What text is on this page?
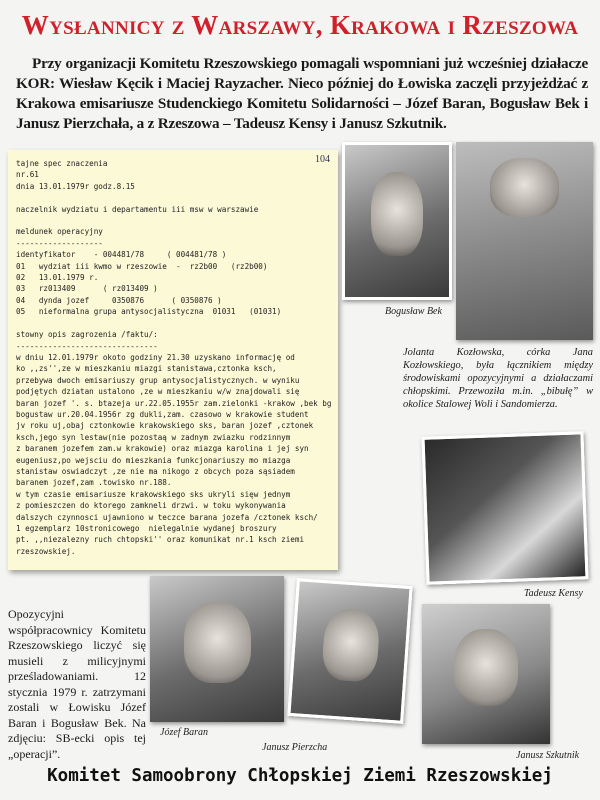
Wysłannicy z Warszawy, Krakowa i Rzeszowa
Przy organizacji Komitetu Rzeszowskiego pomagali wspomniani już wcześniej działacze KOR: Wiesław Kęcik i Maciej Rayzacher. Nieco później do Łowiska zaczęli przyjeżdżać z Krakowa emisariusze Studenckiego Komitetu Solidarności – Józef Baran, Bogusław Bek i Janusz Pierzchała, a z Rzeszowa – Tadeusz Kensy i Janusz Szkutnik.
104
tajne spec znaczenia
nr.61
dnia 13.01.1979r godz.8.15

naczelnik wydziatu i departamentu iii msw w warszawie

meldunek operacyjny
-------------------
identyfikator    - 004481/78     ( 004481/78 )
01   wydziat iii kwmo w rzeszowie  -  rz2b00   (rz2b00)
02   13.01.1979 r.
03   rz013409      ( rz013409 )
04   dynda jozef     0350876      ( 0350876 )
05   nieformalna grupa antysocjalistyczna  01031   (01031)

stowny opis zagrozenia /faktu/:
-------------------------------
w dniu 12.01.1979r okoto godziny 21.30 uzyskano informację od
ko ,,zs'',ze w mieszkaniu miazgi stanistawa,cztonka ksch,
przebywa dwoch emisariuszy grup antysocjalistycznych. w wyniku
podjętych dziatan ustalono ,ze w mieszkaniu w/w znajdowali się
baran jozef '. s. btazeja ur.22.05.1955r zam.zielonki -krakow ,bek bg
bogustaw ur.20.04.1956r zg dukli,zam. czasowo w krakowie student
jv roku uj,obaj cztonkowie krakowskiego sks, baran jozef ,cztonek
ksch,jego syn lestaw(nie pozostaą w zadnym zwiazku rodzinnym
z baranem jozefem zam.w krakowie) oraz miazga karolina i jej syn
eugeniusz,po wejsciu do mieszkania funkcjonariuszy mo miazga
stanistaw oswiadczyt ,ze nie ma nikogo z obcych poza sąsiadem
baranem jozef,zam .towisko nr.188.
w tym czasie emisariusze krakowskiego sks ukryli sięw jednym
z pomieszczen do ktorego zamkneli drzwi. w toku wykonywania
dalszych czynnosci ujawniono w teczce barana jozefa /cztonek ksch/
1 egzemplarz 10stronicowego  nielegalnie wydanej broszury
pt. ,,niezalezny ruch chtopski'' oraz komunikat nr.1 ksch ziemi
rzeszowskiej.
Bogusław Bek
Jolanta Kozłowska, córka Jana Kozłowskiego, była łącznikiem między środowiskami opozycyjnymi a działaczami chłopskimi. Przewoziła m.in. „bibułę” w okolice Stalowej Woli i Sandomierza.
Tadeusz Kensy
Opozycyjni współpracownicy Komitetu Rzeszowskiego liczyć się musieli z milicyjnymi prześladowaniami. 12 stycznia 1979 r. zatrzymani zostali w Łowisku Józef Baran i Bogusław Bek. Na zdjęciu: SB-ecki opis tej „operacji”.
Józef Baran
Janusz Pierzcha
Janusz Szkutnik
Komitet Samoobrony Chłopskiej Ziemi Rzeszowskiej
